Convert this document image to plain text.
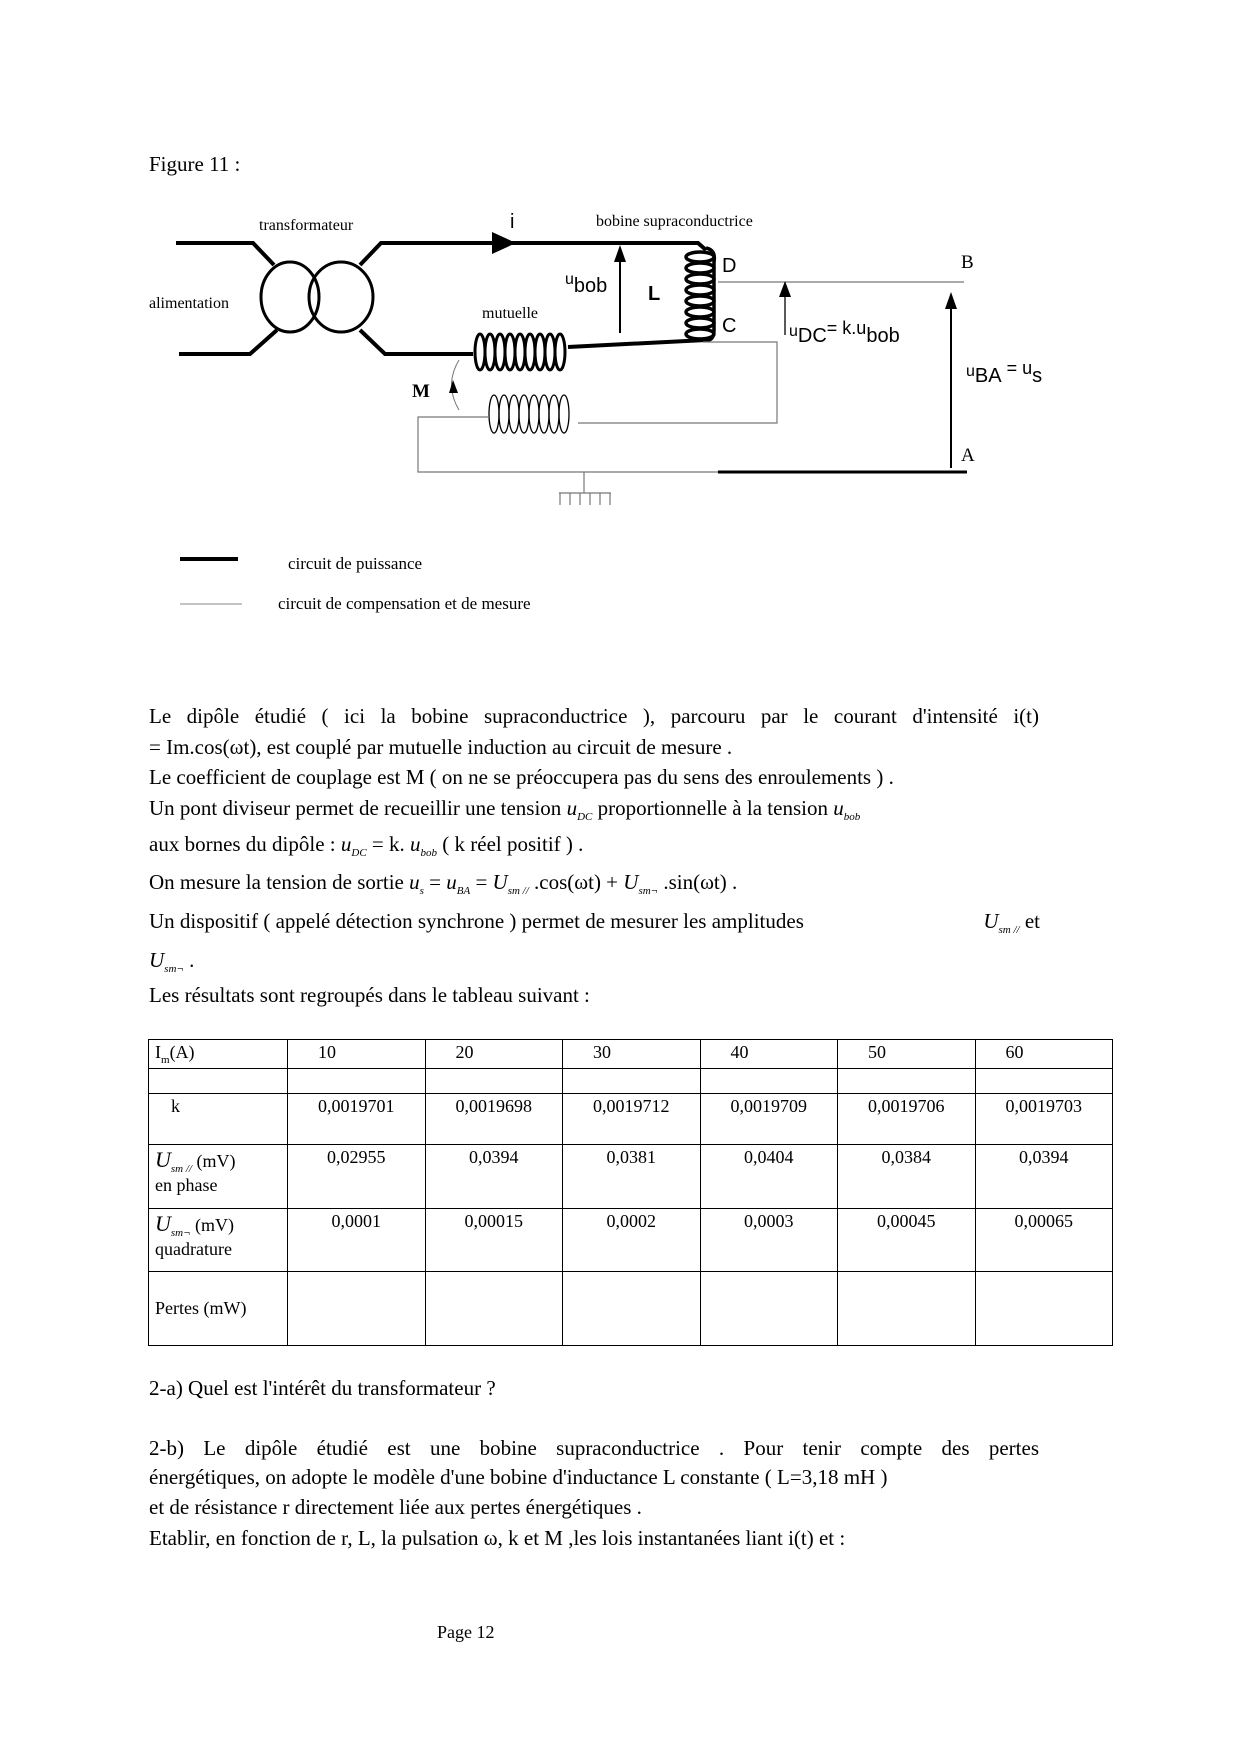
Figure 11 :
transformateur
alimentation
bobine supraconductrice
mutuelle
i
ubob L
D
C	uDC= k.ubob
uBA = us
B
A
M
circuit de puissance
circuit de compensation et de mesure
Le dipôle étudié ( ici la bobine supraconductrice ), parcouru par le courant d'intensité i(t)
= Im.cos(ωt), est couplé par mutuelle induction au circuit de mesure .
Le coefficient de couplage est M ( on ne se préoccupera pas du sens des enroulements ) .
Un pont diviseur permet de recueillir une tension $u_{DC}$ proportionnelle à la tension $u_{bob}$
aux bornes du dipôle : $u_{DC} = k$. $u_{bob}$ ( k réel positif ) .
On mesure la tension de sortie $u_s = u_{BA} = U_{sm //}$ $.\cos(\omega t) + U_{sm\neg}$ .sin(ωt) .
Un dispositif ( appelé détection synchrone ) permet de mesurer les amplitudes	$U_{sm //}$ et
$U_{sm\neg}$ .
Les résultats sont regroupés dans le tableau suivant :
$I_m(A)$	10	20	30	40	50	60

k	0,0019701	0,0019698	0,0019712	0,0019709	0,0019706	0,0019703
$U_{sm //}$ (mV)
en phase	0,02955	0,0394	0,0381	0,0404	0,0384	0,0394
$U_{sm\neg}$ (mV)
quadrature	0,0001	0,00015	0,0002	0,0003	0,00045	0,00065
Pertes (mW)						
2-a) Quel est l'intérêt du transformateur ?
2-b) Le dipôle étudié est une bobine supraconductrice . Pour tenir compte des pertes
énergétiques, on adopte le modèle d'une bobine d'inductance L constante ( L=3,18 mH )
et de résistance r directement liée aux pertes énergétiques .
Etablir, en fonction de r, L, la pulsation ω, k et M ,les lois instantanées liant i(t) et :
Page 12
